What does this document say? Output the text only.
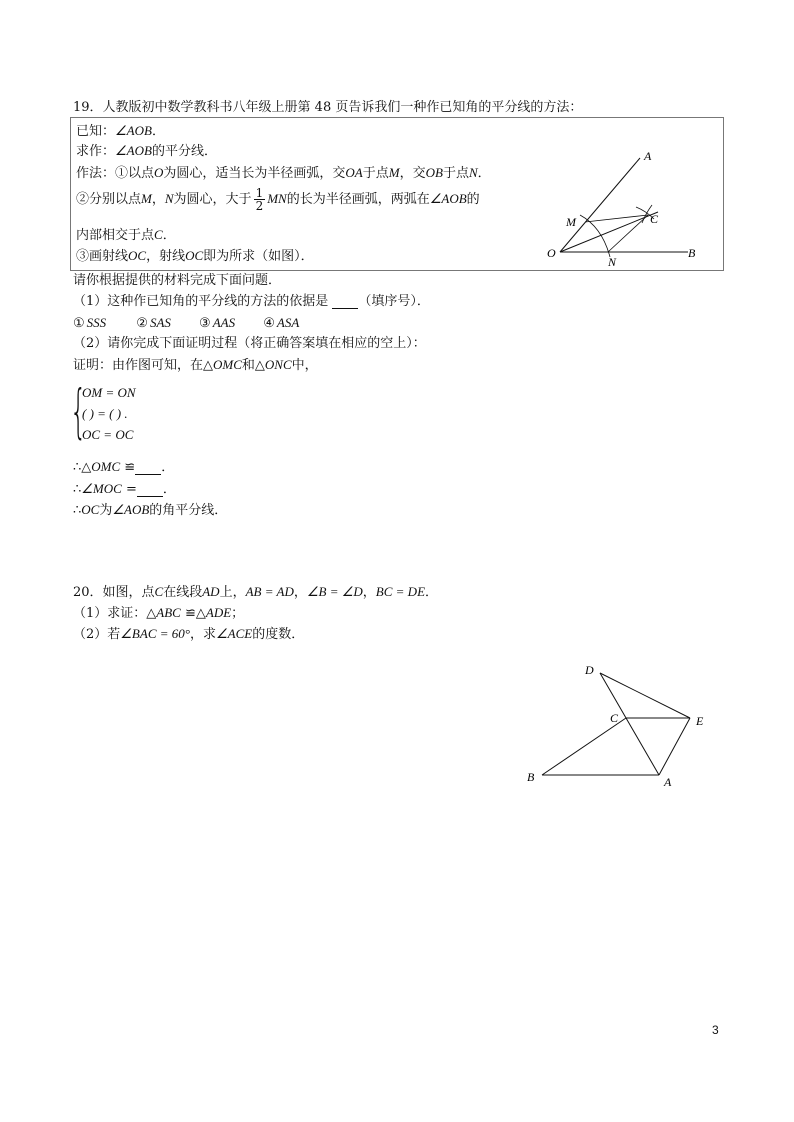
19．人教版初中数学教科书八年级上册第 48 页告诉我们一种作已知角的平分线的方法：
已知：∠AOB．
求作：∠AOB的平分线．
作法：①以点O为圆心，适当长为半径画弧，交OA于点M，交OB于点N．
②分别以点M，N为圆心，大于 $\frac{1}{2}$ MN的长为半径画弧，两弧在∠AOB的
内部相交于点C．
③画射线OC，射线OC即为所求（如图）．
A
M	C
O
N
B
请你根据提供的材料完成下面问题．
（1）这种作已知角的平分线的方法的依据是 （填序号）．
① SSS ② SAS ③ AAS ④ ASA
（2）请你完成下面证明过程（将正确答案填在相应的空上）：
证明：由作图可知，在△OMC和△ONC中，
{
OM = ON
( ) = ( ) .
OC = OC
∴△OMC ≌ ．
∴∠MOC = ．
∴OC为∠AOB的角平分线．
20．如图，点C在线段AD上，AB = AD，∠B = ∠D，BC = DE．
（1）求证：△ABC ≌△ADE；
（2）若∠BAC = 60°，求∠ACE的度数．
D
C	E
B	A
3
